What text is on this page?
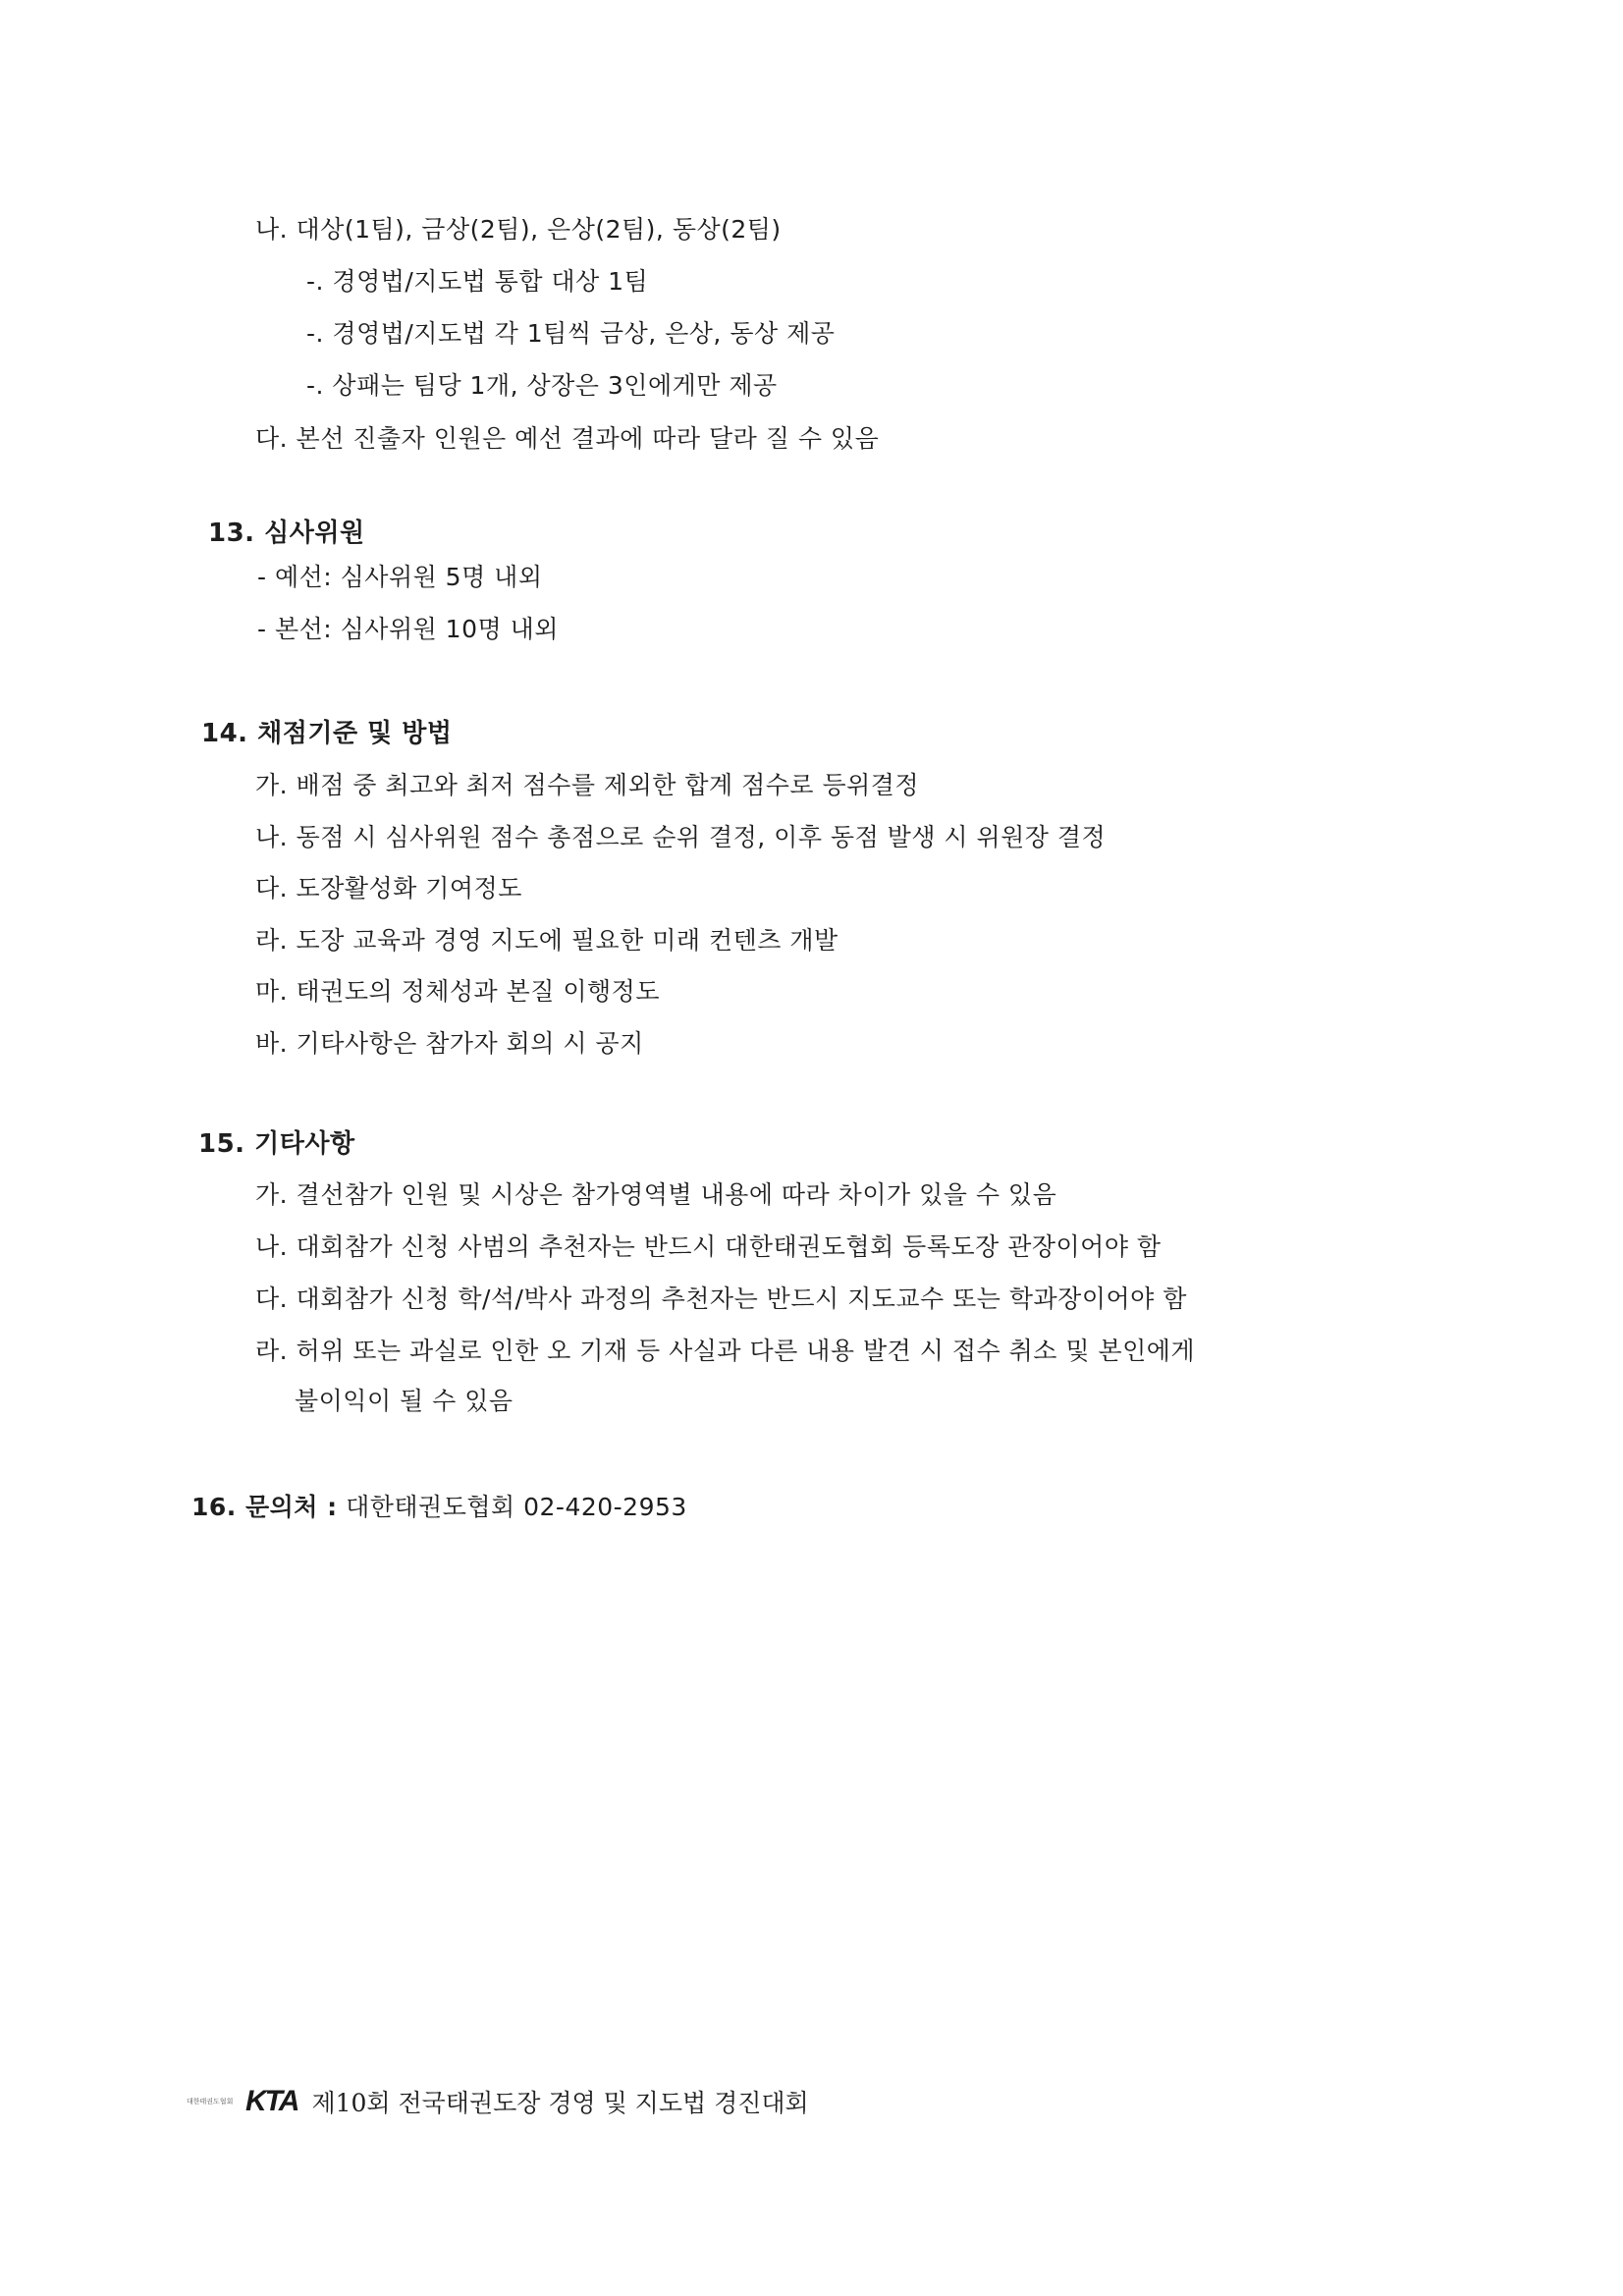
나. 대상(1팀), 금상(2팀), 은상(2팀), 동상(2팀)
-. 경영법/지도법 통합 대상 1팀
-. 경영법/지도법 각 1팀씩 금상, 은상, 동상 제공
-. 상패는 팀당 1개, 상장은 3인에게만 제공
다. 본선 진출자 인원은 예선 결과에 따라 달라 질 수 있음
13. 심사위원
- 예선: 심사위원 5명 내외
- 본선: 심사위원 10명 내외
14. 채점기준 및 방법
가. 배점 중 최고와 최저 점수를 제외한 합계 점수로 등위결정
나. 동점 시 심사위원 점수 총점으로 순위 결정, 이후 동점 발생 시 위원장 결정
다. 도장활성화 기여정도
라. 도장 교육과 경영 지도에 필요한 미래 컨텐츠 개발
마. 태권도의 정체성과 본질 이행정도
바. 기타사항은 참가자 회의 시 공지
15. 기타사항
가. 결선참가 인원 및 시상은 참가영역별 내용에 따라 차이가 있을 수 있음
나. 대회참가 신청 사범의 추천자는 반드시 대한태권도협회 등록도장 관장이어야 함
다. 대회참가 신청 학/석/박사 과정의 추천자는 반드시 지도교수 또는 학과장이어야 함
라. 허위 또는 과실로 인한 오 기재 등 사실과 다른 내용 발견 시 접수 취소 및 본인에게
불이익이 될 수 있음
16. 문의처 : 대한태권도협회 02-420-2953
대한태권도협회 KTA 제10회 전국태권도장 경영 및 지도법 경진대회
